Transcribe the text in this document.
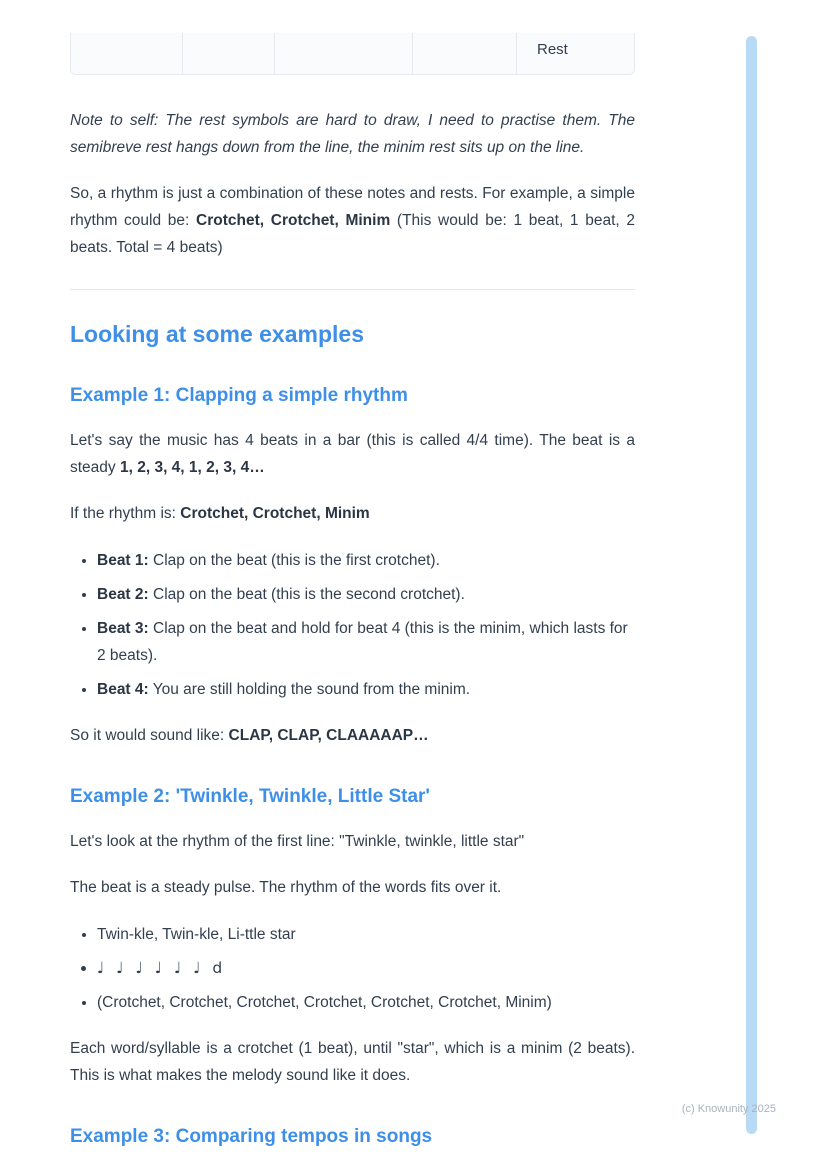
Rest

Note to self: The rest symbols are hard to draw, I need to practise them. The semibreve rest hangs down from the line, the minim rest sits up on the line.

So, a rhythm is just a combination of these notes and rests. For example, a simple rhythm could be: Crotchet, Crotchet, Minim (This would be: 1 beat, 1 beat, 2 beats. Total = 4 beats)

Looking at some examples
Example 1: Clapping a simple rhythm

Let's say the music has 4 beats in a bar (this is called 4/4 time). The beat is a steady 1, 2, 3, 4, 1, 2, 3, 4…

If the rhythm is: Crotchet, Crotchet, Minim

• Beat 1: Clap on the beat (this is the first crotchet).
• Beat 2: Clap on the beat (this is the second crotchet).
• Beat 3: Clap on the beat and hold for beat 4 (this is the minim, which lasts for 2 beats).
• Beat 4: You are still holding the sound from the minim.

So it would sound like: CLAP, CLAP, CLAAAAAP…

Example 2: 'Twinkle, Twinkle, Little Star'

Let's look at the rhythm of the first line: "Twinkle, twinkle, little star"

The beat is a steady pulse. The rhythm of the words fits over it.

• Twin-kle, Twin-kle, Li-ttle star
• ♩ ♩ ♩ ♩ ♩ ♩ d
• (Crotchet, Crotchet, Crotchet, Crotchet, Crotchet, Crotchet, Minim)

Each word/syllable is a crotchet (1 beat), until "star", which is a minim (2 beats). This is what makes the melody sound like it does.

Example 3: Comparing tempos in songs
(c) Knowunity 2025
